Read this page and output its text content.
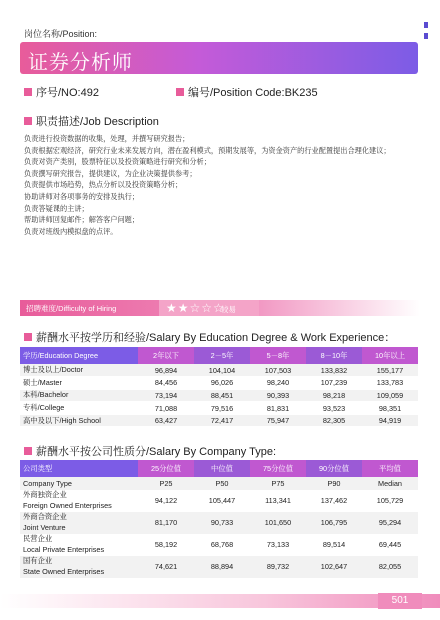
岗位名称/Position:
证券分析师
序号/NO:492	编号/Position Code:BK235
职责描述/Job Description
负责进行投资数据的收集，处理，并撰写研究报告；
负责根据宏观经济，研究行业未来发展方向，潜在盈利模式，预期发展等，为资金资产的行业配置提出合理化建议；
负责对资产类别，股票特征以及投资策略进行研究和分析；
负责撰写研究报告，提供建议，为企业决策提供参考；
负责提供市场趋势，热点分析以及投资策略分析；
协助讲师对各项事务的安排及执行；
负责答疑课的主讲；
帮助讲师回复邮件；解答客户问题；
负责对班级内模拟盘的点评。
招聘难度/Difficulty of Hiring	★★☆☆☆
较易
薪酬水平按学历和经验/Salary By Education Degree & Work Experience：
学历/Education Degree	2年以下	2－5年	5－8年	8－10年	10年以上
博士及以上/Doctor	96,894	104,104	107,503	133,832	155,177
硕士/Master	84,456	96,026	98,240	107,239	133,783
本科/Bachelor	73,194	88,451	90,393	98,218	109,059
专科/College	71,088	79,516	81,831	93,523	98,351
高中及以下/High School	63,427	72,417	75,947	82,305	94,919
薪酬水平按公司性质分/Salary By Company Type:
公司类型	25分位值	中位值	75分位值	90分位值	平均值
Company Type	P25	P50	P75	P90	Median

外商独资企业
Foreign Owned Enterprises	94,122	105,447	113,341	137,462	105,729

外商合资企业
Joint Venture	81,170	90,733	101,650	106,795	95,294

民营企业
Local Private Enterprises	58,192	68,768	73,133	89,514	69,445

国有企业
State Owned Enterprises	74,621	88,894	89,732	102,647	82,055
501
